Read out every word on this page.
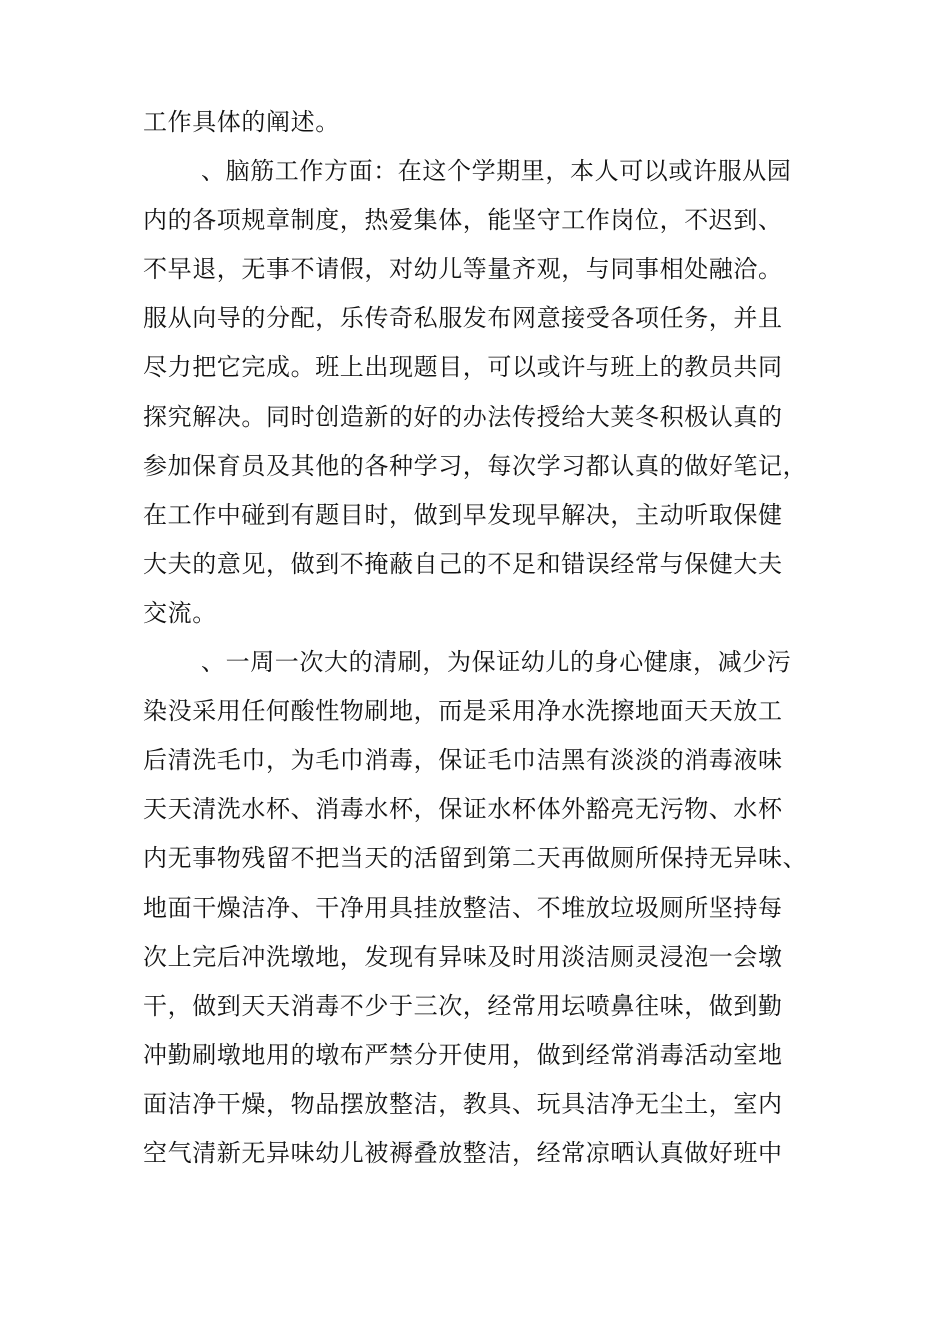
工作具体的阐述。
、脑筋工作方面：在这个学期里，本人可以或许服从园
内的各项规章制度，热爱集体，能坚守工作岗位，不迟到、
不早退，无事不请假，对幼儿等量齐观，与同事相处融洽。
服从向导的分配，乐传奇私服发布网意接受各项任务，并且
尽力把它完成。班上出现题目，可以或许与班上的教员共同
探究解决。同时创造新的好的办法传授给大荚冬积极认真的
参加保育员及其他的各种学习，每次学习都认真的做好笔记，
在工作中碰到有题目时，做到早发现早解决，主动听取保健
大夫的意见，做到不掩蔽自己的不足和错误经常与保健大夫
交流。
、一周一次大的清刷，为保证幼儿的身心健康，减少污
染没采用任何酸性物刷地，而是采用净水洗擦地面天天放工
后清洗毛巾，为毛巾消毒，保证毛巾洁黑有淡淡的消毒液味
天天清洗水杯、消毒水杯，保证水杯体外豁亮无污物、水杯
内无事物残留不把当天的活留到第二天再做厕所保持无异味、
地面干燥洁净、干净用具挂放整洁、不堆放垃圾厕所坚持每
次上完后冲洗墩地，发现有异味及时用淡洁厕灵浸泡一会墩
干，做到天天消毒不少于三次，经常用坛喷鼻往味，做到勤
冲勤刷墩地用的墩布严禁分开使用，做到经常消毒活动室地
面洁净干燥，物品摆放整洁，教具、玩具洁净无尘土，室内
空气清新无异味幼儿被褥叠放整洁，经常凉晒认真做好班中
